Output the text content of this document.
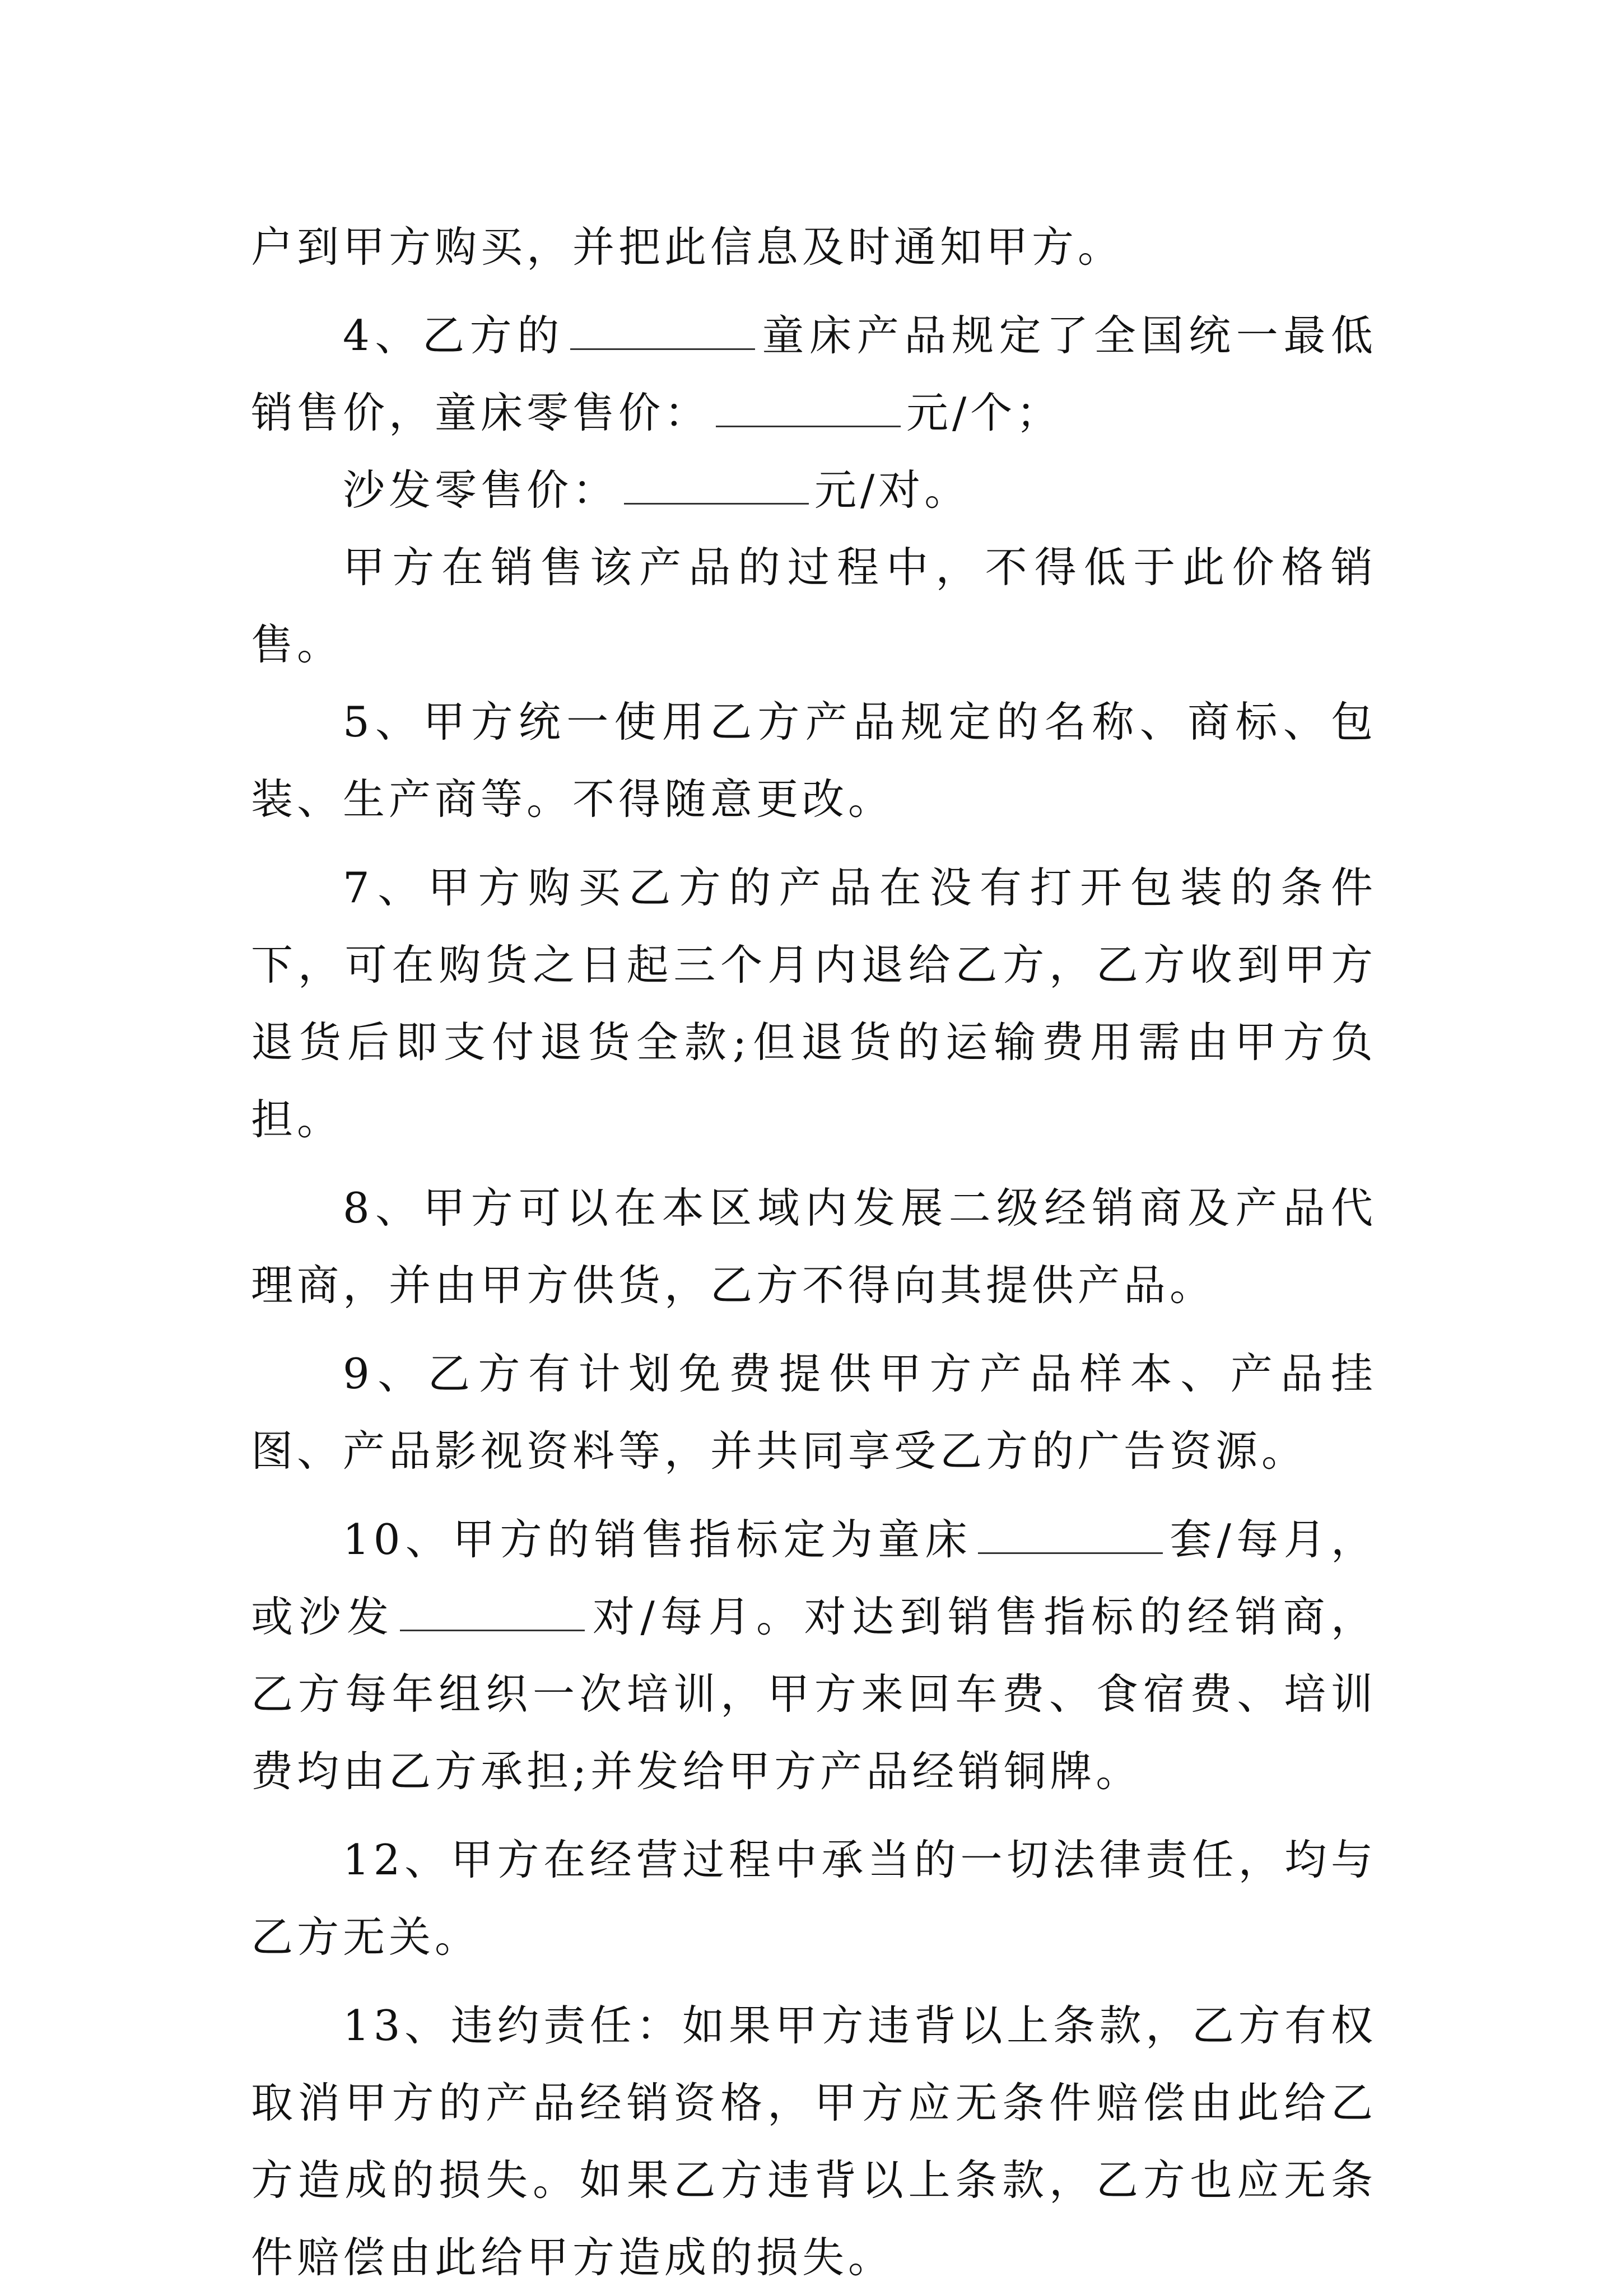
户到甲方购买，并把此信息及时通知甲方。

4、乙方的	童床产品规定了全国统一最低销售价，童床零售价：	元/个；

沙发零售价：	元/对。

甲方在销售该产品的过程中，不得低于此价格销售。

5、甲方统一使用乙方产品规定的名称、商标、包装、生产商等。不得随意更改。

7、甲方购买乙方的产品在没有打开包装的条件下，可在购货之日起三个月内退给乙方，乙方收到甲方退货后即支付退货全款;但退货的运输费用需由甲方负担。

8、甲方可以在本区域内发展二级经销商及产品代理商，并由甲方供货，乙方不得向其提供产品。

9、乙方有计划免费提供甲方产品样本、产品挂图、产品影视资料等，并共同享受乙方的广告资源。

10、甲方的销售指标定为童床	套/每月，或沙发	对/每月。对达到销售指标的经销商，乙方每年组织一次培训，甲方来回车费、食宿费、培训费均由乙方承担;并发给甲方产品经销铜牌。

12、甲方在经营过程中承当的一切法律责任，均与乙方无关。

13、违约责任：如果甲方违背以上条款，乙方有权取消甲方的产品经销资格，甲方应无条件赔偿由此给乙方造成的损失。如果乙方违背以上条款，乙方也应无条件赔偿由此给甲方造成的损失。
